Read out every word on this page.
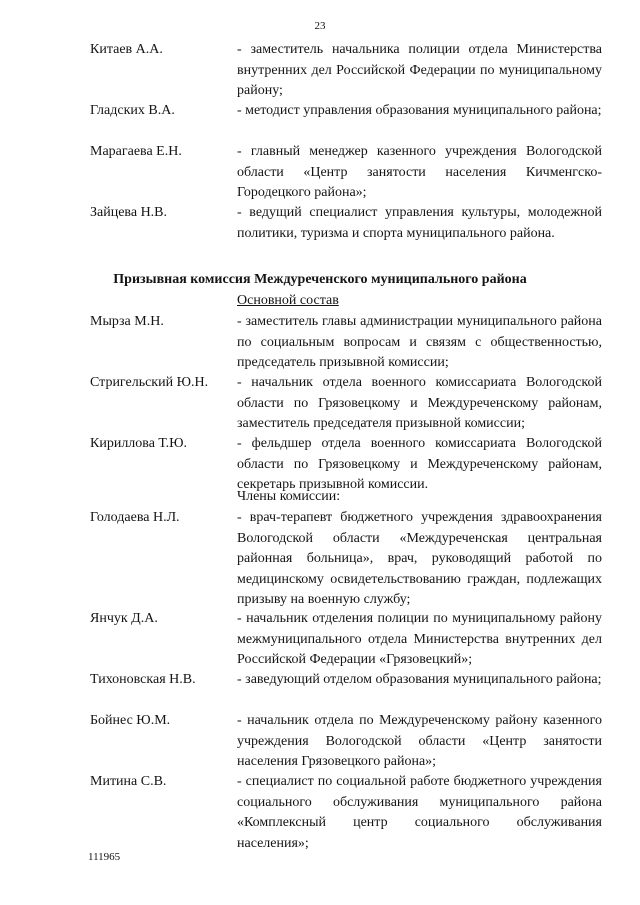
23
Китаев А.А.	- заместитель начальника полиции отдела Министерства внутренних дел Российской Федерации по муниципальному району;
Гладских В.А.	- методист управления образования муниципального района;
Марагаева Е.Н.	- главный менеджер казенного учреждения Вологодской области «Центр занятости населения Кичменгско-Городецкого района»;
Зайцева Н.В.	- ведущий специалист управления культуры, молодежной политики, туризма и спорта муниципального района.
Призывная комиссия Междуреченского муниципального района
Основной состав
Мырза М.Н.	- заместитель главы администрации муниципального района по социальным вопросам и связям с общественностью, председатель призывной комиссии;
Стригельский Ю.Н.	- начальник отдела военного комиссариата Вологодской области по Грязовецкому и Междуреченскому районам, заместитель председателя призывной комиссии;
Кириллова Т.Ю.	- фельдшер отдела военного комиссариата Вологодской области по Грязовецкому и Междуреченскому районам, секретарь призывной комиссии.
Члены комиссии:
Голодаева Н.Л.	- врач-терапевт бюджетного учреждения здравоохранения Вологодской области «Междуреченская центральная районная больница», врач, руководящий работой по медицинскому освидетельствованию граждан, подлежащих призыву на военную службу;
Янчук Д.А.	- начальник отделения полиции по муниципальному району межмуниципального отдела Министерства внутренних дел Российской Федерации «Грязовецкий»;
Тихоновская Н.В.	- заведующий отделом образования муниципального района;
Бойнес Ю.М.	- начальник отдела по Междуреченскому району казенного учреждения Вологодской области «Центр занятости населения Грязовецкого района»;
Митина С.В.	- специалист по социальной работе бюджетного учреждения социального обслуживания муниципального района «Комплексный центр социального обслуживания населения»;
111965
